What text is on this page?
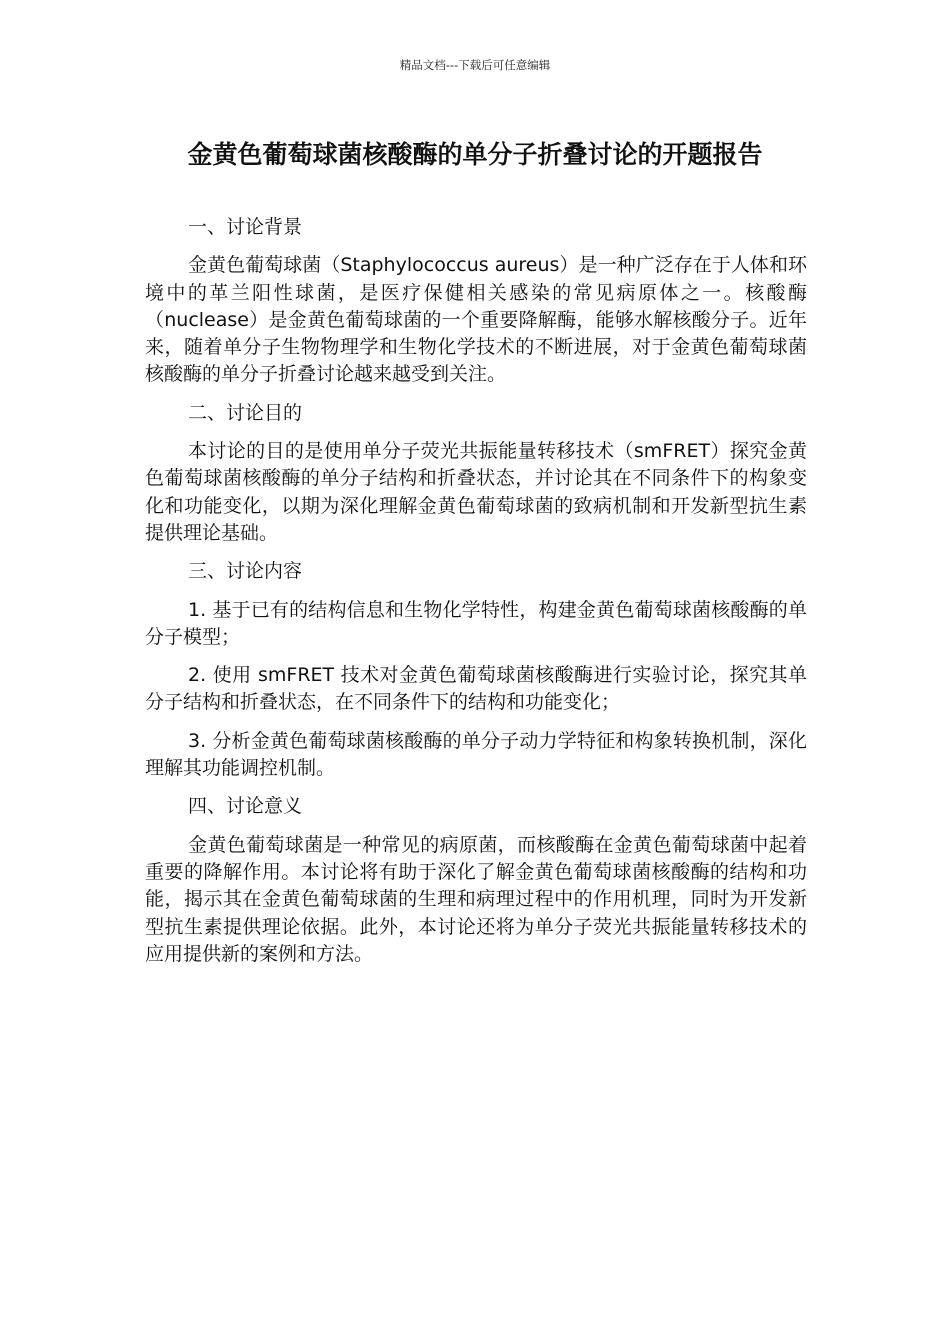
精品文档---下载后可任意编辑
金黄色葡萄球菌核酸酶的单分子折叠讨论的开题报告

一、讨论背景

金黄色葡萄球菌（Staphylococcus aureus）是一种广泛存在于人体和环境中的革兰阳性球菌，是医疗保健相关感染的常见病原体之一。核酸酶（nuclease）是金黄色葡萄球菌的一个重要降解酶，能够水解核酸分子。近年来，随着单分子生物物理学和生物化学技术的不断进展，对于金黄色葡萄球菌核酸酶的单分子折叠讨论越来越受到关注。

二、讨论目的

本讨论的目的是使用单分子荧光共振能量转移技术（smFRET）探究金黄色葡萄球菌核酸酶的单分子结构和折叠状态，并讨论其在不同条件下的构象变化和功能变化，以期为深化理解金黄色葡萄球菌的致病机制和开发新型抗生素提供理论基础。

三、讨论内容

1. 基于已有的结构信息和生物化学特性，构建金黄色葡萄球菌核酸酶的单分子模型；

2. 使用 smFRET 技术对金黄色葡萄球菌核酸酶进行实验讨论，探究其单分子结构和折叠状态，在不同条件下的结构和功能变化；

3. 分析金黄色葡萄球菌核酸酶的单分子动力学特征和构象转换机制，深化理解其功能调控机制。

四、讨论意义

金黄色葡萄球菌是一种常见的病原菌，而核酸酶在金黄色葡萄球菌中起着重要的降解作用。本讨论将有助于深化了解金黄色葡萄球菌核酸酶的结构和功能，揭示其在金黄色葡萄球菌的生理和病理过程中的作用机理，同时为开发新型抗生素提供理论依据。此外，本讨论还将为单分子荧光共振能量转移技术的应用提供新的案例和方法。
